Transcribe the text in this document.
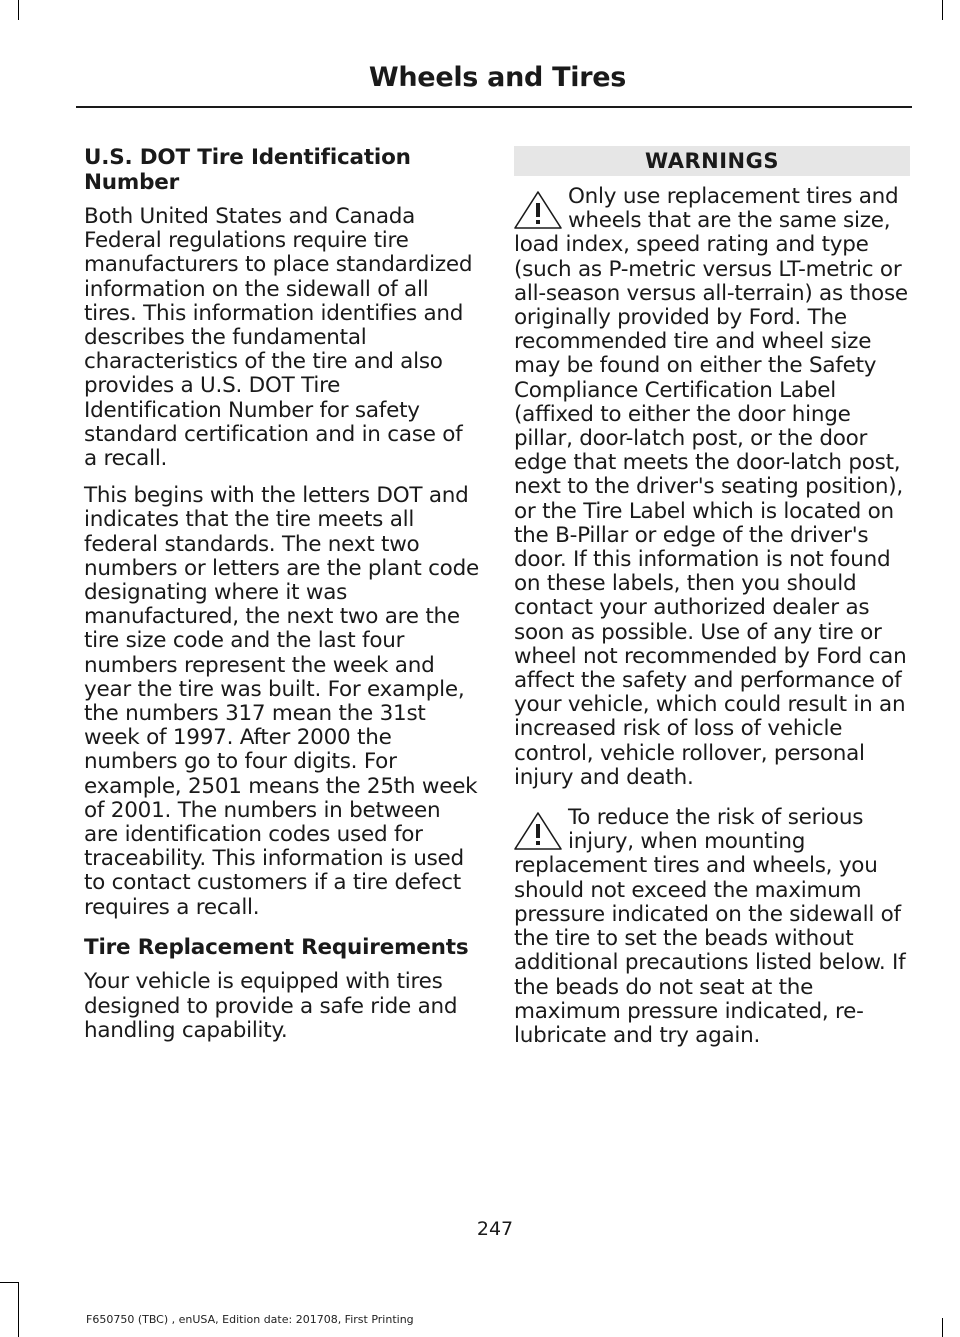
Wheels and Tires
U.S. DOT Tire Identification Number

Both United States and Canada Federal regulations require tire manufacturers to place standardized information on the sidewall of all tires. This information identifies and describes the fundamental characteristics of the tire and also provides a U.S. DOT Tire Identification Number for safety standard certification and in case of a recall.

This begins with the letters DOT and indicates that the tire meets all federal standards. The next two numbers or letters are the plant code designating where it was manufactured, the next two are the tire size code and the last four numbers represent the week and year the tire was built. For example, the numbers 317 mean the 31st week of 1997. After 2000 the numbers go to four digits. For example, 2501 means the 25th week of 2001. The numbers in between are identification codes used for traceability. This information is used to contact customers if a tire defect requires a recall.

Tire Replacement Requirements

Your vehicle is equipped with tires designed to provide a safe ride and handling capability.

WARNINGS
Only use replacement tires and wheels that are the same size, load index, speed rating and type (such as P-metric versus LT-metric or all-season versus all-terrain) as those originally provided by Ford. The recommended tire and wheel size may be found on either the Safety Compliance Certification Label (affixed to either the door hinge pillar, door-latch post, or the door edge that meets the door-latch post, next to the driver's seating position), or the Tire Label which is located on the B-Pillar or edge of the driver's door. If this information is not found on these labels, then you should contact your authorized dealer as soon as possible. Use of any tire or wheel not recommended by Ford can affect the safety and performance of your vehicle, which could result in an increased risk of loss of vehicle control, vehicle rollover, personal injury and death.
To reduce the risk of serious injury, when mounting replacement tires and wheels, you should not exceed the maximum pressure indicated on the sidewall of the tire to set the beads without additional precautions listed below. If the beads do not seat at the maximum pressure indicated, re-lubricate and try again.
247
F650750 (TBC) , enUSA, Edition date: 201708, First Printing
